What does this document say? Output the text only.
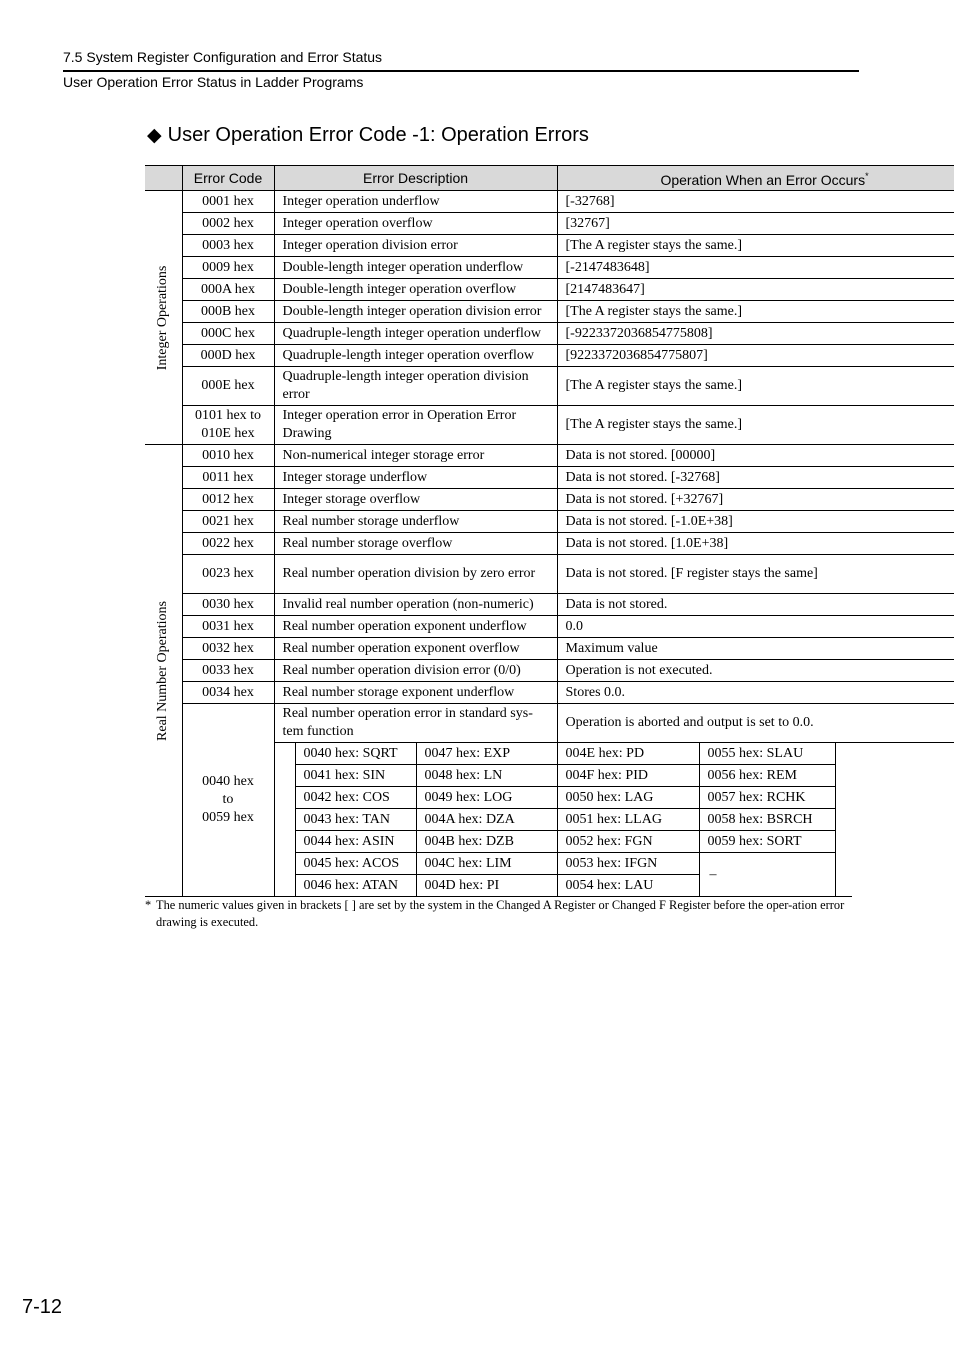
7.5 System Register Configuration and Error Status
User Operation Error Status in Ladder Programs
◆ User Operation Error Code -1: Operation Errors
	Error Code	Error Description			Operation When an Error Occurs*

Integer Operations	0001 hex	Integer operation underflow			[-32768]	
	0002 hex	Integer operation overflow			[32767]	
	0003 hex	Integer operation division error			[The A register stays the same.]	
	0009 hex	Double-length integer operation underflow			[-2147483648]	
	000A hex	Double-length integer operation overflow			[2147483647]	
	000B hex	Double-length integer operation division error			[The A register stays the same.]	
	000C hex	Quadruple-length integer operation underflow			[-9223372036854775808]	
	000D hex	Quadruple-length integer operation overflow			[9223372036854775807]	
	000E hex	Quadruple-length integer operation division error			[The A register stays the same.]	
	0101 hex to
010E hex	Integer operation error in Operation Error Drawing			[The A register stays the same.]	

Real Number Operations	0010 hex	Non-numerical integer storage error			Data is not stored. [00000]	
	0011 hex	Integer storage underflow			Data is not stored. [-32768]	
	0012 hex	Integer storage overflow			Data is not stored. [+32767]	
	0021 hex	Real number storage underflow			Data is not stored. [-1.0E+38]	
	0022 hex	Real number storage overflow			Data is not stored. [1.0E+38]	
	0023 hex	Real number operation division by zero error			Data is not stored. [F register stays the same]	
	0030 hex	Invalid real number operation (non-numeric)			Data is not stored.	
	0031 hex	Real number operation exponent underflow			0.0	
	0032 hex	Real number operation exponent overflow			Maximum value	
	0033 hex	Real number operation division error (0/0)			Operation is not executed.	
	0034 hex	Real number storage exponent underflow			Stores 0.0.	
	0040 hex
to
0059 hex	Real number operation error in standard sys-tem function			Operation is aborted and output is set to 0.0.	
			0040 hex: SQRT	0047 hex: EXP	004E hex: PD	0055 hex: SLAU
			0041 hex: SIN	0048 hex: LN	004F hex: PID	0056 hex: REM
			0042 hex: COS	0049 hex: LOG	0050 hex: LAG	0057 hex: RCHK
			0043 hex: TAN	004A hex: DZA	0051 hex: LLAG	0058 hex: BSRCH
			0044 hex: ASIN	004B hex: DZB	0052 hex: FGN	0059 hex: SORT
			0045 hex: ACOS	004C hex: LIM	0053 hex: IFGN	–
			0046 hex: ATAN	004D hex: PI	0054 hex: LAU	
* The numeric values given in brackets [ ] are set by the system in the Changed A Register or Changed F Register before the oper-ation error drawing is executed.
7-12
